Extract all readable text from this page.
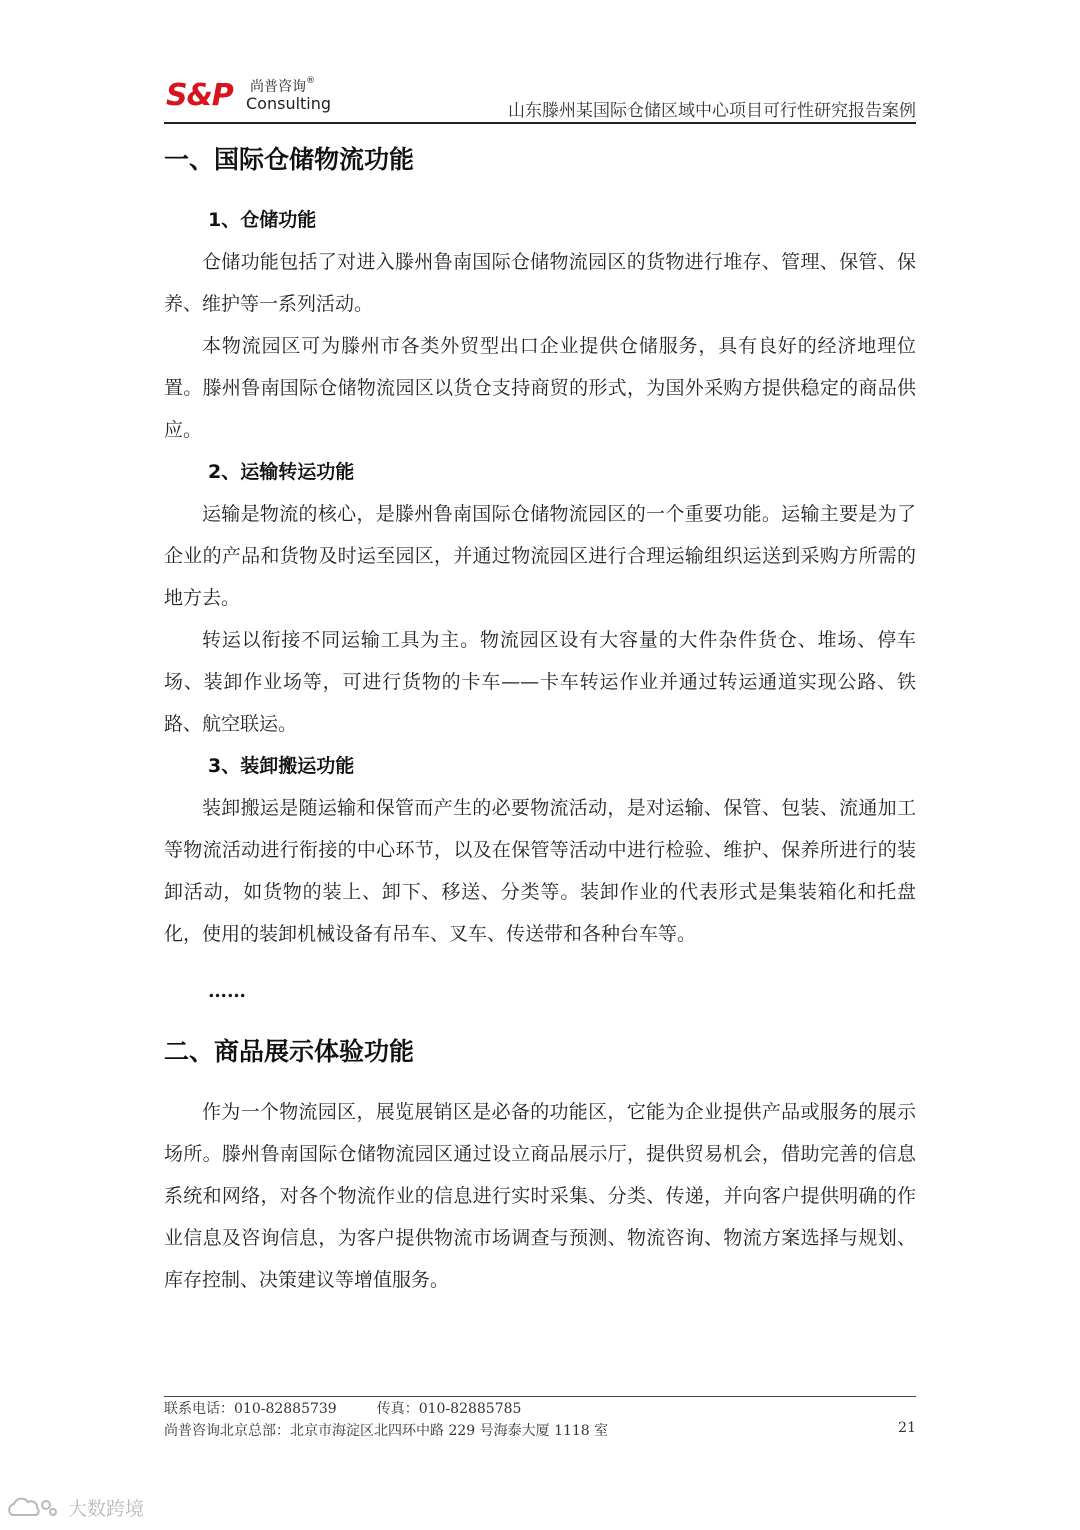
S&P 尚普咨询®
Consulting	山东滕州某国际仓储区域中心项目可行性研究报告案例
一、国际仓储物流功能
1、仓储功能

仓储功能包括了对进入滕州鲁南国际仓储物流园区的货物进行堆存、管理、保管、保养、维护等一系列活动。

本物流园区可为滕州市各类外贸型出口企业提供仓储服务，具有良好的经济地理位置。滕州鲁南国际仓储物流园区以货仓支持商贸的形式，为国外采购方提供稳定的商品供应。

2、运输转运功能

运输是物流的核心，是滕州鲁南国际仓储物流园区的一个重要功能。运输主要是为了企业的产品和货物及时运至园区，并通过物流园区进行合理运输组织运送到采购方所需的地方去。

转运以衔接不同运输工具为主。物流园区设有大容量的大件杂件货仓、堆场、停车场、装卸作业场等，可进行货物的卡车——卡车转运作业并通过转运通道实现公路、铁路、航空联运。

3、装卸搬运功能

装卸搬运是随运输和保管而产生的必要物流活动，是对运输、保管、包装、流通加工等物流活动进行衔接的中心环节，以及在保管等活动中进行检验、维护、保养所进行的装卸活动，如货物的装上、卸下、移送、分类等。装卸作业的代表形式是集装箱化和托盘化，使用的装卸机械设备有吊车、叉车、传送带和各种台车等。

……
二、商品展示体验功能

作为一个物流园区，展览展销区是必备的功能区，它能为企业提供产品或服务的展示场所。滕州鲁南国际仓储物流园区通过设立商品展示厅，提供贸易机会，借助完善的信息系统和网络，对各个物流作业的信息进行实时采集、分类、传递，并向客户提供明确的作业信息及咨询信息，为客户提供物流市场调查与预测、物流咨询、物流方案选择与规划、库存控制、决策建议等增值服务。

联系电话：010-82885739	传真：010-82885785
尚普咨询北京总部：北京市海淀区北四环中路 229 号海泰大厦 1118 室	21
大数跨境
